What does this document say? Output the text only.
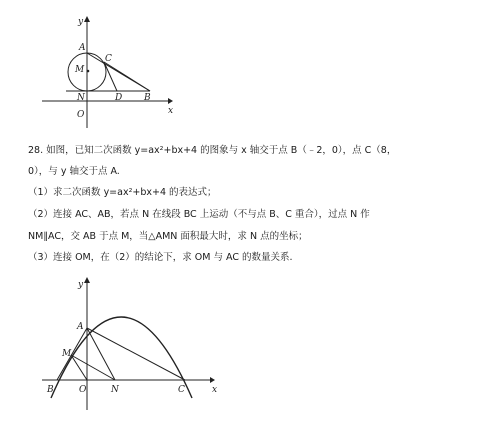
y
A
C
M
N	D B
O	x
28. 如图，已知二次函数 y=ax²+bx+4 的图象与 x 轴交于点 B（﹣2，0），点 C（8，
0），与 y 轴交于点 A.
（1）求二次函数 y=ax²+bx+4 的表达式；
（2）连接 AC、AB，若点 N 在线段 BC 上运动（不与点 B、C 重合），过点 N 作
NM∥AC，交 AB 于点 M，当△AMN 面积最大时，求 N 点的坐标；
（3）连接 OM，在（2）的结论下，求 OM 与 AC 的数量关系.
y
A
M
B	O	N	C	x
